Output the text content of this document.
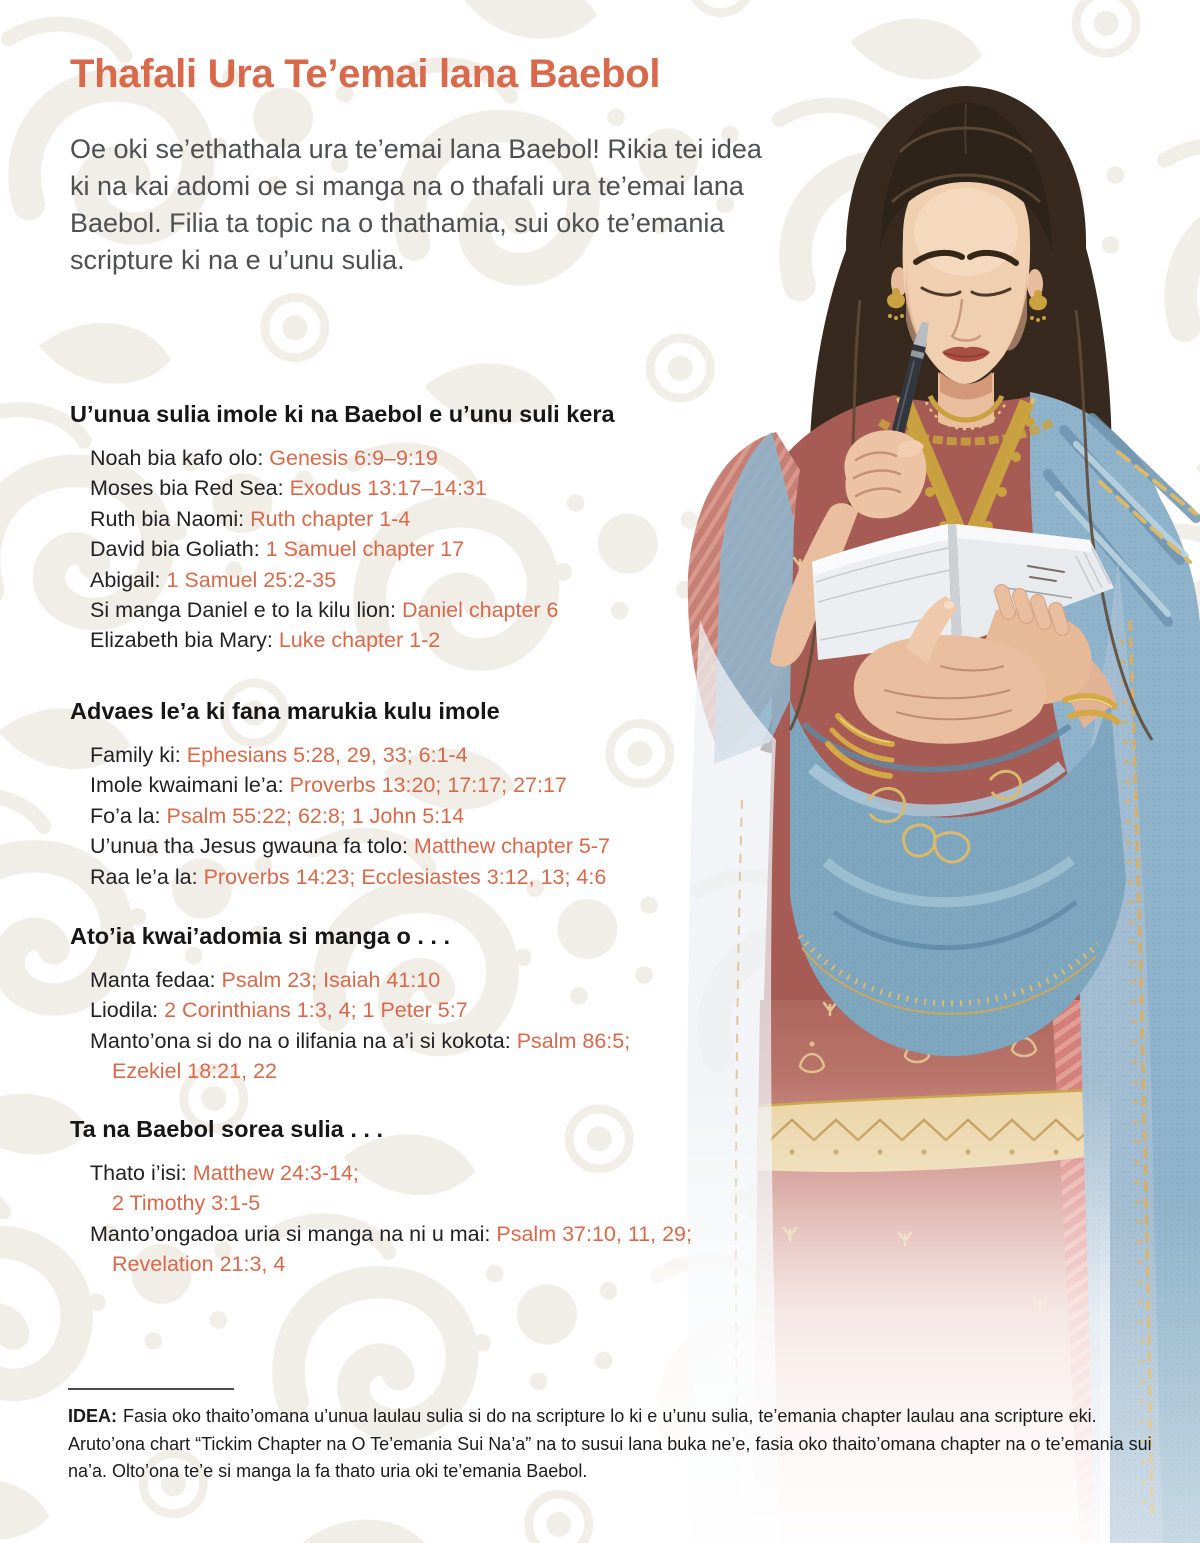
Thafali Ura Te’emai lana Baebol

Oe oki se’ethathala ura te’emai lana Baebol! Rikia tei idea ki na kai adomi oe si manga na o thafali ura te’emai lana Baebol. Filia ta topic na o thathamia, sui oko te’emania scripture ki na e u’unu sulia.

U’unua sulia imole ki na Baebol e u’unu suli kera

Noah bia kafo olo: Genesis 6:9–9:19

Moses bia Red Sea: Exodus 13:17–14:31

Ruth bia Naomi: Ruth chapter 1-4

David bia Goliath: 1 Samuel chapter 17

Abigail: 1 Samuel 25:2-35

Si manga Daniel e to la kilu lion: Daniel chapter 6

Elizabeth bia Mary: Luke chapter 1-2

Advaes le’a ki fana marukia kulu imole

Family ki: Ephesians 5:28, 29, 33; 6:1-4

Imole kwaimani le’a: Proverbs 13:20; 17:17; 27:17

Fo’a la: Psalm 55:22; 62:8; 1 John 5:14

U’unua tha Jesus gwauna fa tolo: Matthew chapter 5-7

Raa le’a la: Proverbs 14:23; Ecclesiastes 3:12, 13; 4:6

Ato’ia kwai’adomia si manga o . . .

Manta fedaa: Psalm 23; Isaiah 41:10

Liodila: 2 Corinthians 1:3, 4; 1 Peter 5:7

Manto’ona si do na o ilifania na a’i si kokota: Psalm 86:5;
Ezekiel 18:21, 22

Ta na Baebol sorea sulia . . .

Thato i’isi: Matthew 24:3-14;
2 Timothy 3:1-5

Manto’ongadoa uria si manga na ni u mai: Psalm 37:10, 11, 29;
Revelation 21:3, 4

IDEA: Fasia oko thaito’omana u’unua laulau sulia si do na scripture lo ki e u’unu sulia, te’emania chapter laulau ana scripture eki. Aruto’ona chart “Tickim Chapter na O Te’emania Sui Na’a” na to susui lana buka ne’e, fasia oko thaito’omana chapter na o te’emania sui na’a. Olto’ona te’e si manga la fa thato uria oki te’emania Baebol.
